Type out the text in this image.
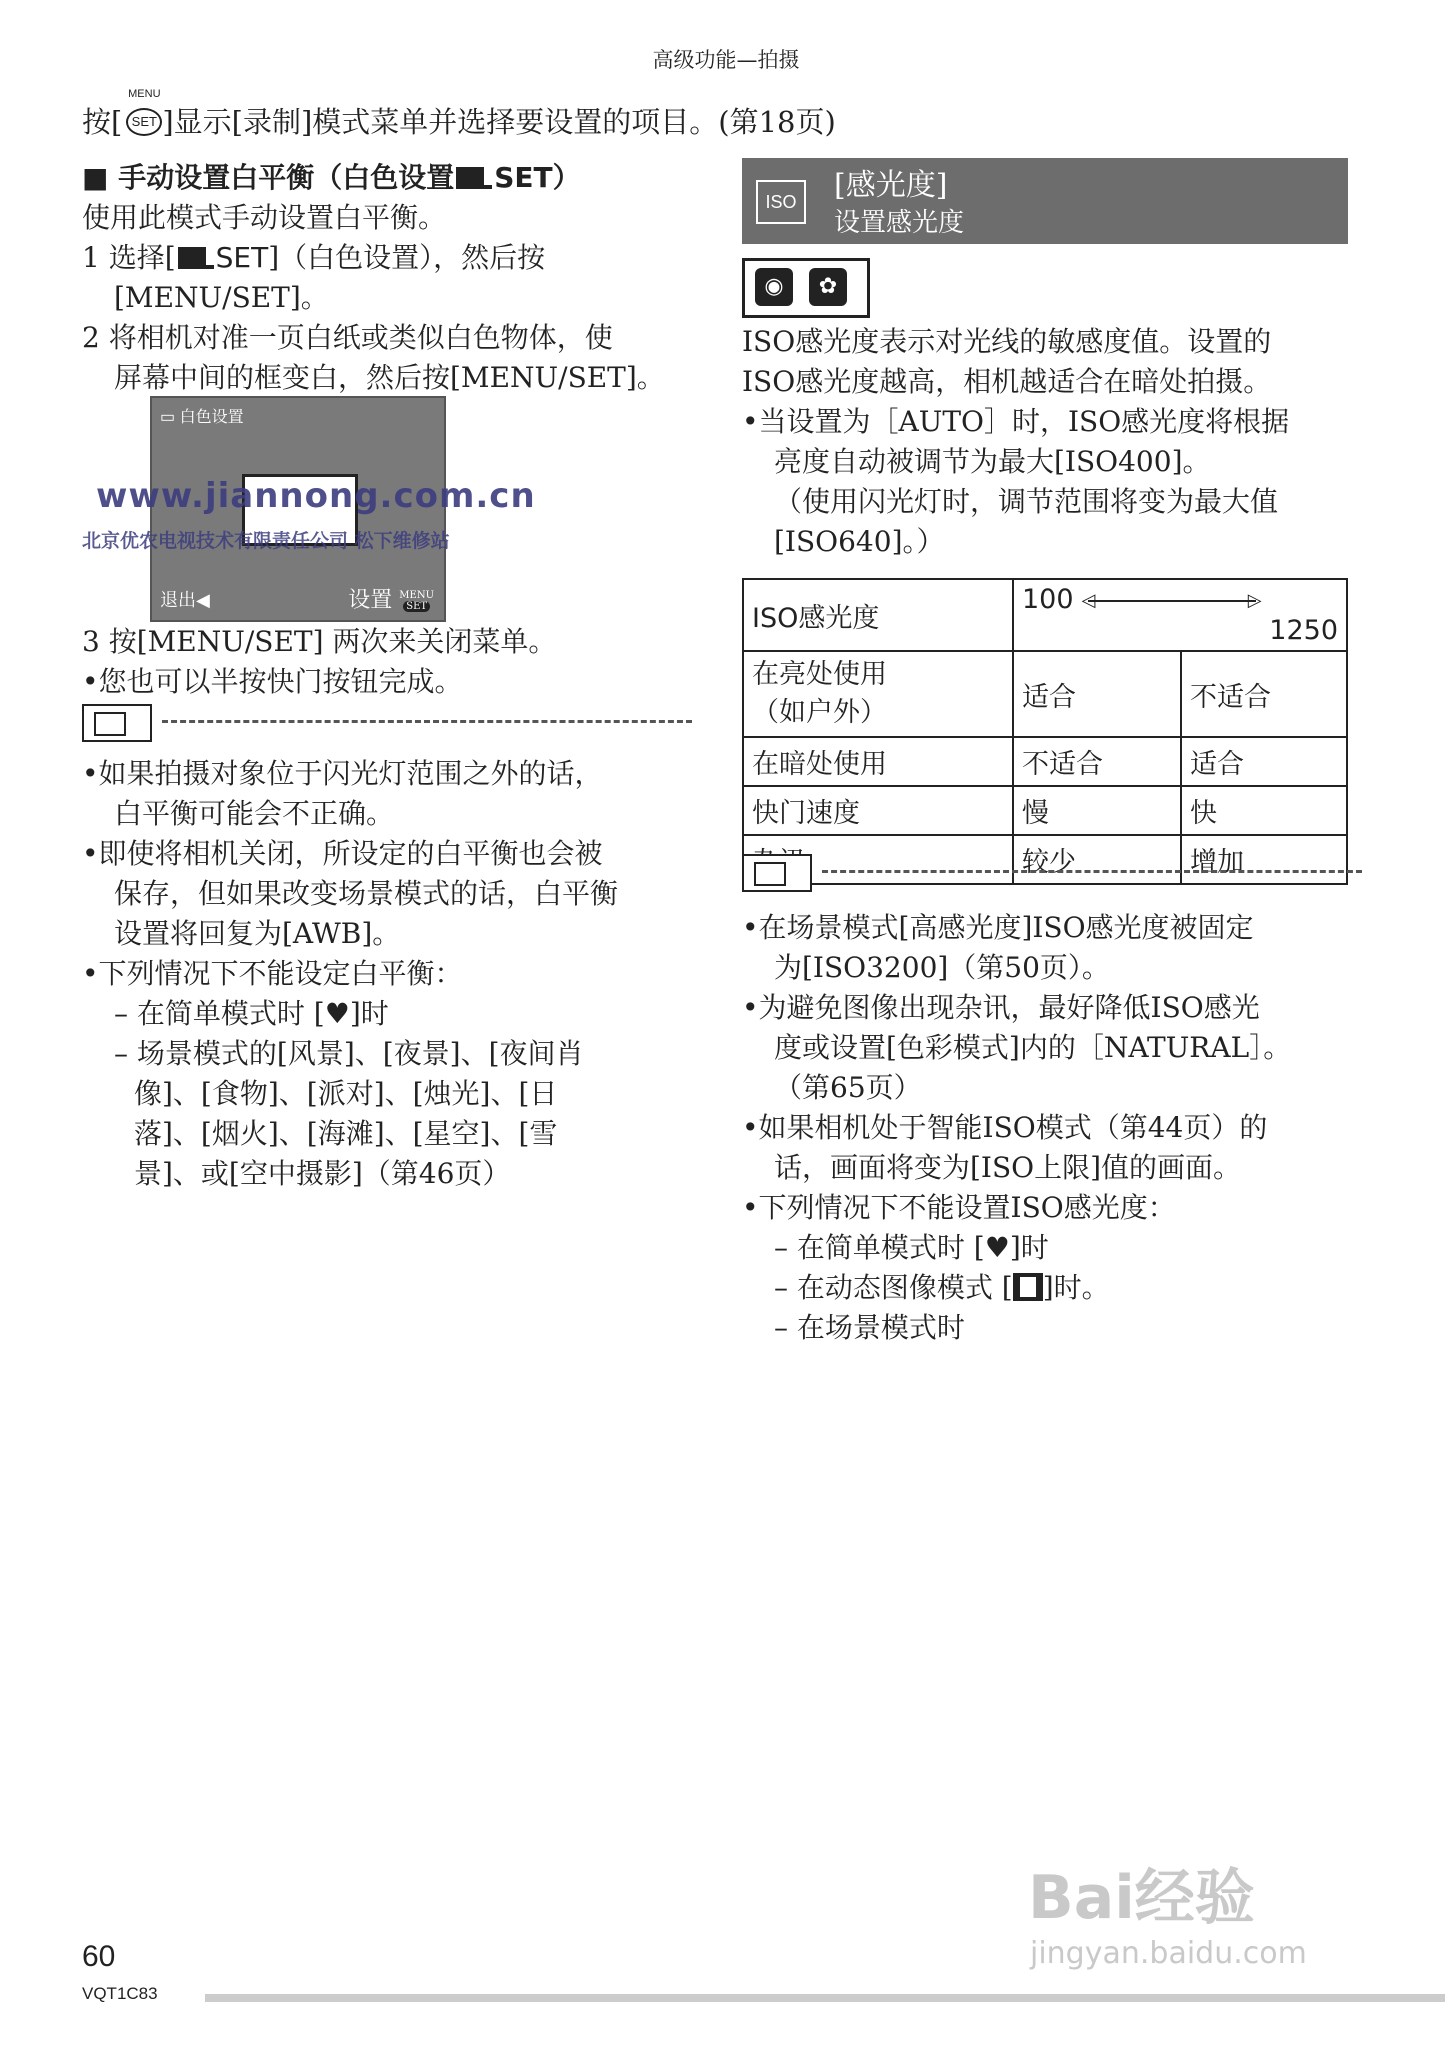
高级功能—拍摄
按[
MENU
SET ]显示[录制]模式菜单并选择要设置的项目。(第18页)

■ 手动设置白平衡（白色设置 SET）

使用此模式手动设置白平衡。

1 选择[ SET]（白色设置），然后按

[MENU/SET]。

2 将相机对准一页白纸或类似白色物体，使

屏幕中间的框变白，然后按[MENU/SET]。

▭ 白色设置
退出◀	设置 MENU
SET
www.jiannong.com.cn
北京优农电视技术有限责任公司 松下维修站

3 按[MENU/SET] 两次来关闭菜单。

•您也可以半按快门按钮完成。

•如果拍摄对象位于闪光灯范围之外的话，

白平衡可能会不正确。

•即使将相机关闭，所设定的白平衡也会被

保存，但如果改变场景模式的话，白平衡

设置将回复为[AWB]。

•下列情况下不能设定白平衡：

– 在简单模式时 [♥]时

– 场景模式的[风景]、[夜景]、[夜间肖

像]、[食物]、[派对]、[烛光]、[日

落]、[烟火]、[海滩]、[星空]、[雪

景]、或[空中摄影]（第46页）

ISO	[感光度]
设置感光度
◉	✿

ISO感光度表示对光线的敏感度值。设置的

ISO感光度越高，相机越适合在暗处拍摄。

•当设置为［AUTO］时，ISO感光度将根据

亮度自动被调节为最大[ISO400]。

（使用闪光灯时，调节范围将变为最大值

[ISO640]。）

ISO感光度	100 ◁ ▷
1250	

在亮处使用
（如户外）	适合	不适合
在暗处使用	不适合	适合
快门速度	慢	快
	较少	增加

•在场景模式[高感光度]ISO感光度被固定

为[ISO3200]（第50页）。

•为避免图像出现杂讯，最好降低ISO感光

度或设置[色彩模式]内的［NATURAL］。

（第65页）

•如果相机处于智能ISO模式（第44页）的

话，画面将变为[ISO上限]值的画面。

•下列情况下不能设置ISO感光度：

– 在简单模式时 [♥]时

– 在动态图像模式 [ ]时。

– 在场景模式时

Bai经验
jingyan.baidu.com
60
VQT1C83
